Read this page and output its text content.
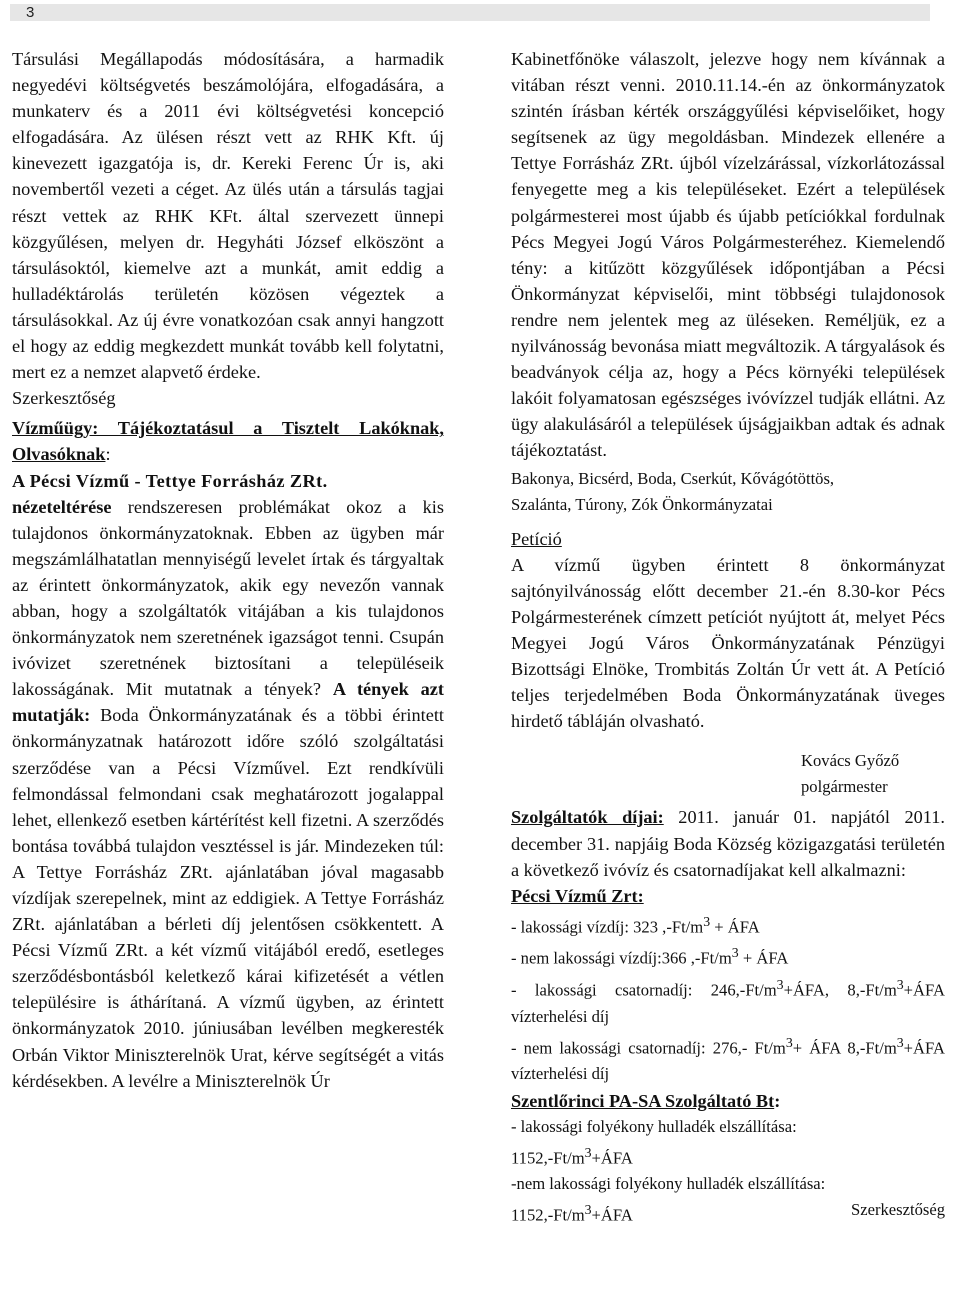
3

Társulási Megállapodás módosítására, a harmadik negyedévi költségvetés beszámolójára, elfogadására, a munkaterv és a 2011 évi költségvetési koncepció elfogadására. Az ülésen részt vett az RHK Kft. új kinevezett igazgatója is, dr. Kereki Ferenc Úr is, aki novembertől vezeti a céget. Az ülés után a társulás tagjai részt vettek az RHK KFt. által szervezett ünnepi közgyűlésen, melyen dr. Hegyháti József elköszönt a társulásoktól, kiemelve azt a munkát, amit eddig a hulladéktárolás területén közösen végeztek a társulásokkal. Az új évre vonatkozóan csak annyi hangzott el hogy az eddig megkezdett munkát tovább kell folytatni, mert ez a nemzet alapvető érdeke.

Szerkesztőség

Vízműügy: Tájékoztatásul a Tisztelt Lakóknak, Olvasóknak:

A Pécsi Vízmű - Tettye Forrásház ZRt.

nézeteltérése rendszeresen problémákat okoz a kis tulajdonos önkormányzatoknak. Ebben az ügyben már megszámlálhatatlan mennyiségű levelet írtak és tárgyaltak az érintett önkormányzatok, akik egy nevezőn vannak abban, hogy a szolgáltatók vitájában a kis tulajdonos önkormányzatok nem szeretnének igazságot tenni. Csupán ivóvizet szeretnének biztosítani a településeik lakosságának. Mit mutatnak a tények? A tények azt mutatják: Boda Önkormányzatának és a többi érintett önkormányzatnak határozott időre szóló szolgáltatási szerződése van a Pécsi Vízművel. Ezt rendkívüli felmondással felmondani csak meghatározott jogalappal lehet, ellenkező esetben kártérítést kell fizetni. A szerződés bontása továbbá tulajdon vesztéssel is jár. Mindezeken túl: A Tettye Forrásház ZRt. ajánlatában jóval magasabb vízdíjak szerepelnek, mint az eddigiek. A Tettye Forrásház ZRt. ajánlatában a bérleti díj jelentősen csökkentett. A Pécsi Vízmű ZRt. a két vízmű vitájából eredő, esetleges szerződésbontásból keletkező kárai kifizetését a vétlen településire is áthárítaná. A vízmű ügyben, az érintett önkormányzatok 2010. júniusában levélben megkeresték Orbán Viktor Miniszterelnök Urat, kérve segítségét a vitás kérdésekben. A levélre a Miniszterelnök Úr

Kabinetfőnöke válaszolt, jelezve hogy nem kívánnak a vitában részt venni. 2010.11.14.-én az önkormányzatok szintén írásban kérték országgyűlési képviselőiket, hogy segítsenek az ügy megoldásban. Mindezek ellenére a Tettye Forrásház ZRt. újból vízelzárással, vízkorlátozással fenyegette meg a kis településeket. Ezért a települések polgármesterei most újabb és újabb petíciókkal fordulnak Pécs Megyei Jogú Város Polgármesteréhez. Kiemelendő tény: a kitűzött közgyűlések időpontjában a Pécsi Önkormányzat képviselői, mint többségi tulajdonosok rendre nem jelentek meg az üléseken. Reméljük, ez a nyilvánosság bevonása miatt megváltozik. A tárgyalások és beadványok célja az, hogy a Pécs környéki települések lakóit folyamatosan egészséges ivóvízzel tudják ellátni. Az ügy alakulásáról a települések újságjaikban adtak és adnak tájékoztatást.

Bakonya, Bicsérd, Boda, Cserkút, Kővágótöttös,

Szalánta, Túrony, Zók Önkormányzatai

Petíció

A vízmű ügyben érintett 8 önkormányzat sajtónyilvánosság előtt december 21.-én 8.30-kor Pécs Polgármesterének címzett petíciót nyújtott át, melyet Pécs Megyei Jogú Város Önkormányzatának Pénzügyi Bizottsági Elnöke, Trombitás Zoltán Úr vett át. A Petíció teljes terjedelmében Boda Önkormányzatának üveges hirdető tábláján olvasható.

Kovács Győző
polgármester

Szolgáltatók díjai: 2011. január 01. napjától 2011. december 31. napjáig Boda Község közigazgatási területén a következő ivóvíz és csatornadíjakat kell alkalmazni:

Pécsi Vízmű Zrt:

- lakossági vízdíj: 323 $,-Ft/m^3$ + ÁFA

- nem lakossági vízdíj:366 $,-Ft/m^3$ + ÁFA

- lakossági csatornadíj: $246,-Ft/m^3+ÁFA$, $8,-Ft/m^3+ÁFA$ vízterhelési díj

- nem lakossági csatornadíj: 276,- $Ft/m^3+$ ÁFA $8,-Ft/m^3+ÁFA$ vízterhelési díj

Szentlőrinci PA-SA Szolgáltató Bt:

- lakossági folyékony hulladék elszállítása:

$1152,-Ft/m^3+ÁFA$

-nem lakossági folyékony hulladék elszállítása:

$1152,-Ft/m^3+ÁFA$	Szerkesztőség
